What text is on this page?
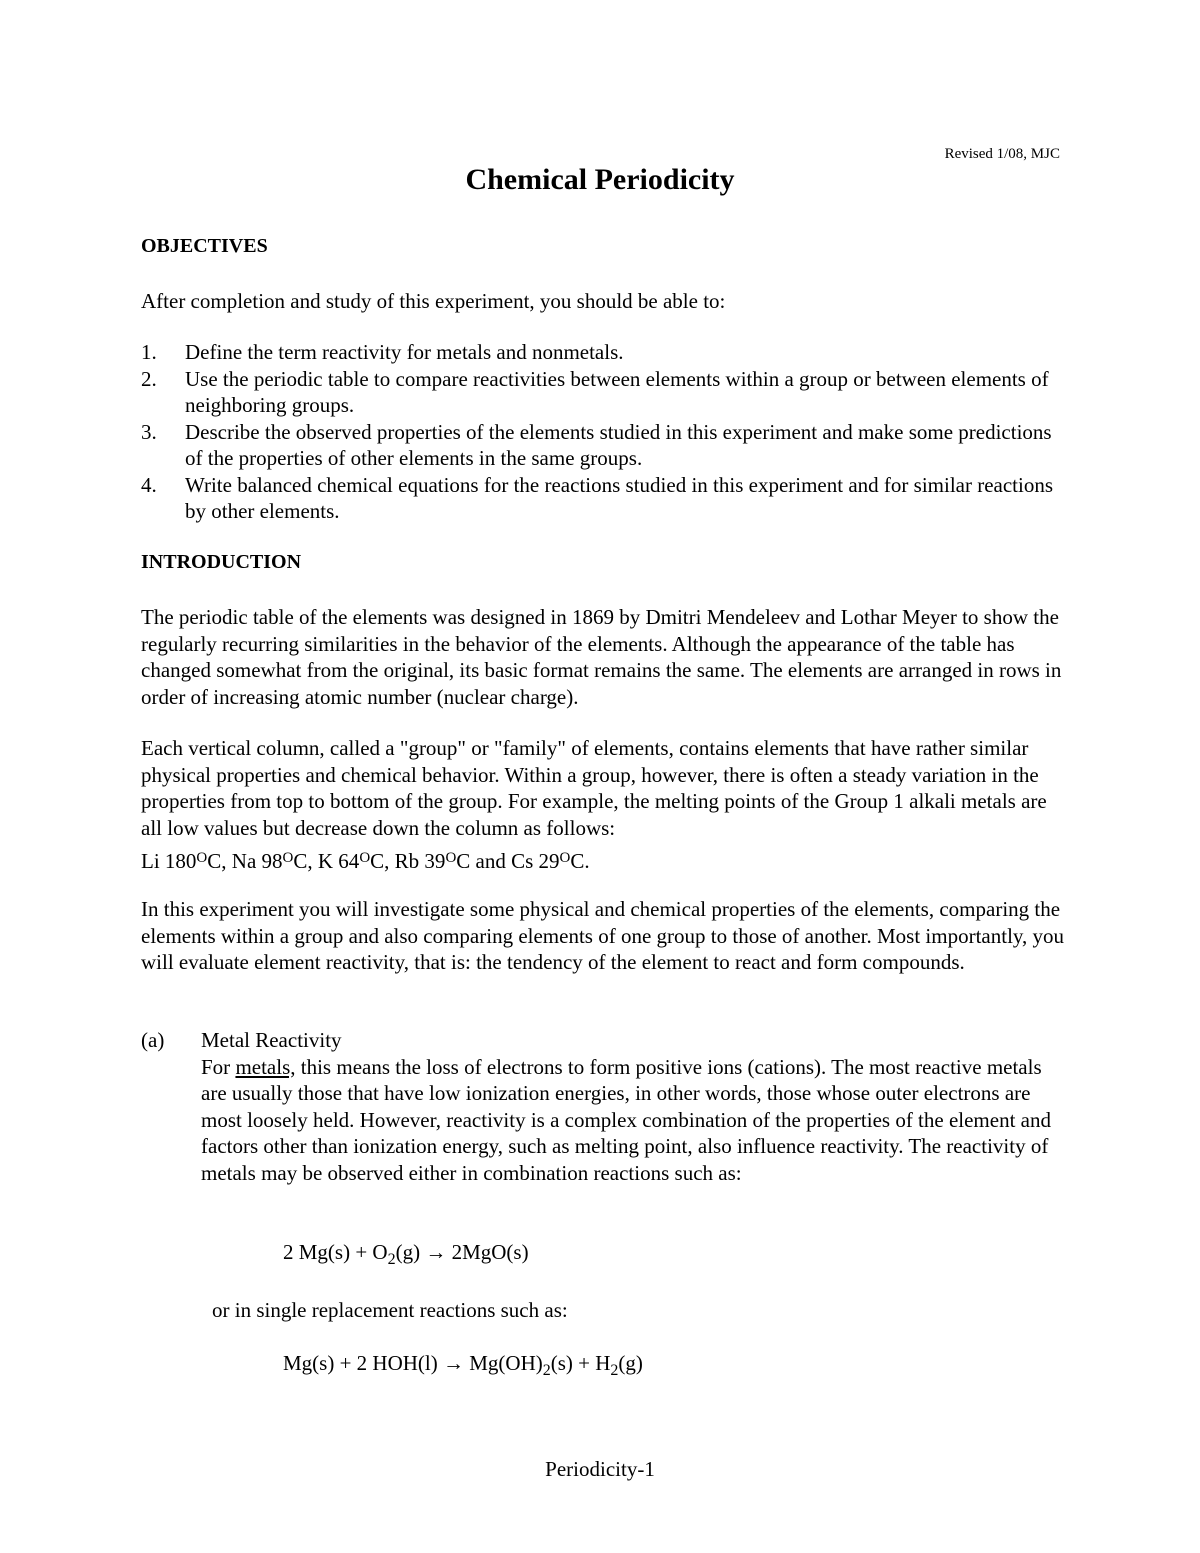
Revised 1/08, MJC
Chemical Periodicity
OBJECTIVES
After completion and study of this experiment, you should be able to:
1.	Define the term reactivity for metals and nonmetals.
2.	Use the periodic table to compare reactivities between elements within a group or between elements of neighboring groups.
3.	Describe the observed properties of the elements studied in this experiment and make some predictions of the properties of other elements in the same groups.
4.	Write balanced chemical equations for the reactions studied in this experiment and for similar reactions by other elements.
INTRODUCTION
The periodic table of the elements was designed in 1869 by Dmitri Mendeleev and Lothar Meyer to show the regularly recurring similarities in the behavior of the elements. Although the appearance of the table has changed somewhat from the original, its basic format remains the same. The elements are arranged in rows in order of increasing atomic number (nuclear charge).
Each vertical column, called a "group" or "family" of elements, contains elements that have rather similar physical properties and chemical behavior. Within a group, however, there is often a steady variation in the properties from top to bottom of the group. For example, the melting points of the Group 1 alkali metals are all low values but decrease down the column as follows:
Li $180^OC$, Na $98^OC$, K $64^OC$, Rb $39^OC$ and Cs $29^OC$.
In this experiment you will investigate some physical and chemical properties of the elements, comparing the elements within a group and also comparing elements of one group to those of another. Most importantly, you will evaluate element reactivity, that is: the tendency of the element to react and form compounds.
(a)	Metal Reactivity
For metals, this means the loss of electrons to form positive ions (cations). The most reactive metals are usually those that have low ionization energies, in other words, those whose outer electrons are most loosely held. However, reactivity is a complex combination of the properties of the element and factors other than ionization energy, such as melting point, also influence reactivity. The reactivity of metals may be observed either in combination reactions such as:
2 $Mg(s) + O_2(g) \to 2MgO(s)$
or in single replacement reactions such as:
Mg(s) + 2 $HOH(l) \to Mg(OH)_2(s) + H_2(g)$
Periodicity-1
